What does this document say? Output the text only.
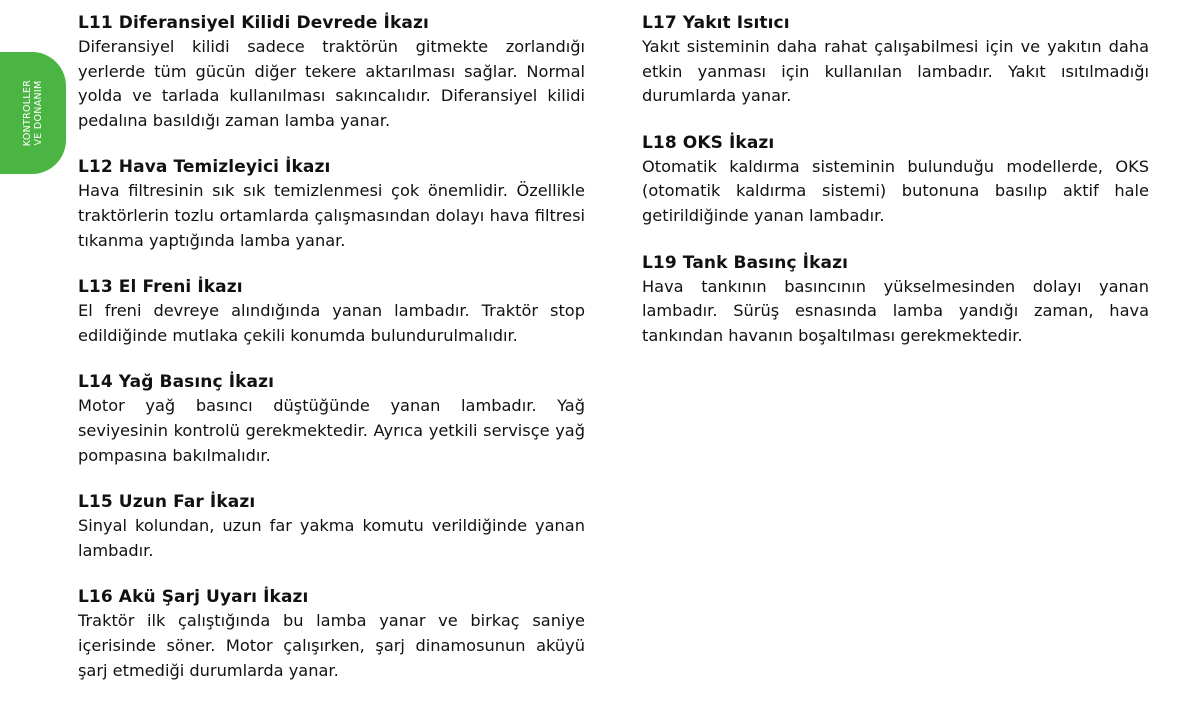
KONTROLLER VE DONANIM

L11 Diferansiyel Kilidi Devrede İkazı

Diferansiyel kilidi sadece traktörün gitmekte zorlandığı yerlerde tüm gücün diğer tekere aktarılması sağlar. Normal yolda ve tarlada kullanılması sakıncalıdır. Diferansiyel kilidi pedalına basıldığı zaman lamba yanar.

L12 Hava Temizleyici İkazı

Hava filtresinin sık sık temizlenmesi çok önemlidir. Özellikle traktörlerin tozlu ortamlarda çalışmasından dolayı hava filtresi tıkanma yaptığında lamba yanar.

L13 El Freni İkazı

El freni devreye alındığında yanan lambadır. Traktör stop edildiğinde mutlaka çekili konumda bulundurulmalıdır.

L14 Yağ Basınç İkazı

Motor yağ basıncı düştüğünde yanan lambadır. Yağ seviyesinin kontrolü gerekmektedir. Ayrıca yetkili servisçe yağ pompasına bakılmalıdır.

L15 Uzun Far İkazı

Sinyal kolundan, uzun far yakma komutu verildiğinde yanan lambadır.

L16 Akü Şarj Uyarı İkazı

Traktör ilk çalıştığında bu lamba yanar ve birkaç saniye içerisinde söner. Motor çalışırken, şarj dinamosunun aküyü şarj etmediği durumlarda yanar.

L17 Yakıt Isıtıcı

Yakıt sisteminin daha rahat çalışabilmesi için ve yakıtın daha etkin yanması için kullanılan lambadır. Yakıt ısıtılmadığı durumlarda yanar.

L18 OKS İkazı

Otomatik kaldırma sisteminin bulunduğu modellerde, OKS (otomatik kaldırma sistemi) butonuna basılıp aktif hale getirildiğinde yanan lambadır.

L19 Tank Basınç İkazı

Hava tankının basıncının yükselmesinden dolayı yanan lambadır. Sürüş esnasında lamba yandığı zaman, hava tankından havanın boşaltılması gerekmektedir.
